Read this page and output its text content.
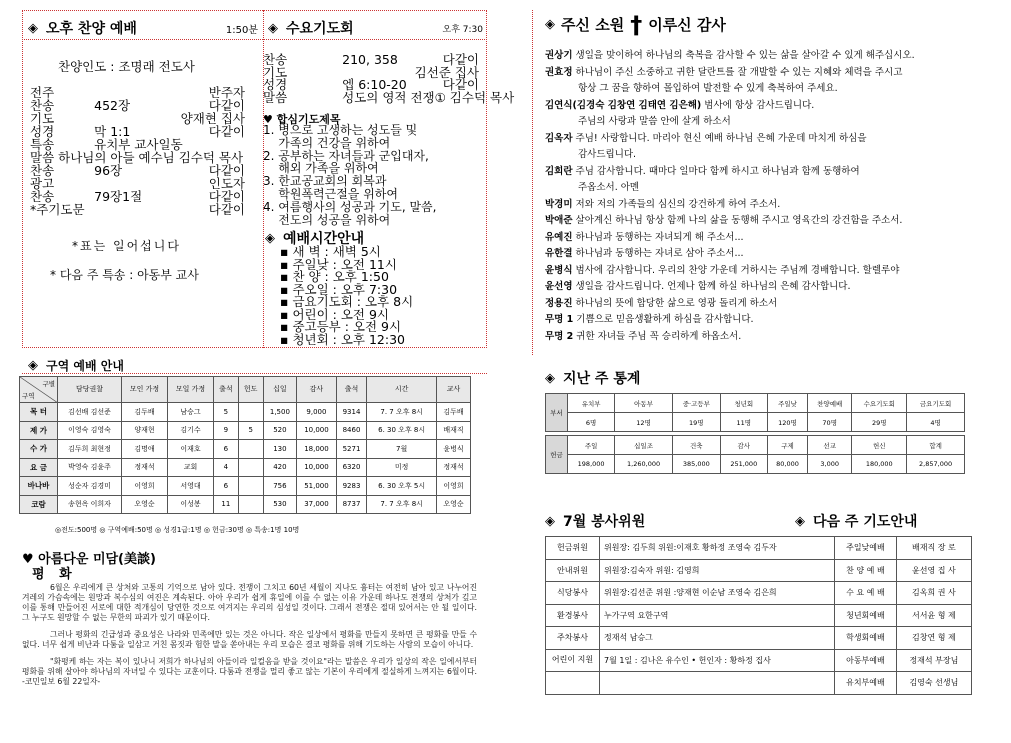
◈ 오후 찬양 예배	1:50분
찬양인도 : 조명래 전도사
전주	반주자
찬송	452장	다같이
기도	양재현 집사
성경	막 1:1	다같이
특송	유치부 교사일동
말씀 하나님의 아들 예수님 김수덕 목사
찬송	96장	다같이
광고	인도자
찬송	79장1절	다같이
*주기도문	다같이
*표는 일어섭니다
* 다음 주 특송 : 아동부 교사
◈ 수요기도회	오후 7:30
찬송	210, 358	다같이
기도	김선준 집사
성경	엡 6:10-20	다같이
말씀	성도의 영적 전쟁① 김수덕 목사
♥ 합심기도제목
1. 병으로 고생하는 성도들 및
가족의 건강을 위하여
2. 공부하는 자녀들과 군입대자,
해외 가족을 위하여
3. 한교공교회의 회복과
학원폭력근절을 위하여
4. 여름행사의 성공과 기도, 말씀,
전도의 성공을 위하여
◈ 예배시간안내
▪ 새 벽 : 새벽 5시
▪ 주일낮 : 오전 11시
▪ 찬 양 : 오후 1:50
▪ 주오일 : 오후 7:30
▪ 금요기도회 : 오후 8시
▪ 어린이 : 오전 9시
▪ 중고등부 : 오전 9시
▪ 청년회 : 오후 12:30
◈ 구역 예배 안내
구별
구역	담당권찰	모인 가정	모일 가정	출석	헌도	십일	감사	출석	시간	교사
목 터	김선배 김선준	김두배	남승그	5		1,500	9,000	9314	7. 7 오후 8시	김두배
제 가	이영숙 김영숙	양재현	김기수	9	5	520	10,000	8460	6. 30 오후 8시	배재직
수 가	김두희 최현정	김명애	이재호	6		130	18,000	5271	7월	윤병식
요 금	박영숙 김윤주	정재석	교회	4		420	10,000	6320	미정	정재석
바나바	성순자 김경미	이영희	서영대	6		756	51,000	9283	6. 30 오후 5시	이영희
코람	송현옥 이희자	오영순	이성봉	11		530	37,000	8737	7. 7 오후 8시	오영순
◎전도:500명 ◎ 구역예배:50명 ◎ 성경1급:1명 ◎ 헌금:30명 ◎ 특송:1명 10명
♥ 아름다운 미담(美談)
평 화

6월은 우리에게 큰 상처와 고통의 기억으로 남아 있다. 전쟁이 그치고 60년 세월이 지나도 흉터는 여전히 남아 있고 나누어진 겨레의 가슴속에는 원망과 복수심의 여진은 계속된다. 아아 우리가 쉽게 휴일에 이를 수 없는 이유 가운데 하나도 전쟁의 상처가 깊고 이를 통해 만들어진 서로에 대한 적개심이 당연한 것으로 여겨지는 우리의 심성일 것이다. 그래서 전쟁은 절대 있어서는 안 될 일이다. 그 누구도 원망할 수 없는 무한의 파괴가 있기 때문이다.

그러나 평화의 긴급성과 중요성은 나라와 민족에만 있는 것은 아니다. 작은 일상에서 평화를 만들지 못하면 큰 평화를 만들 수 없다. 너무 쉽게 비난과 다툼을 일삼고 거친 몸짓과 험한 말을 쏟아내는 우리 모습은 결코 평화를 위해 기도하는 사람의 모습이 아니다.

"화평케 하는 자는 복이 있나니 저희가 하나님의 아들이라 일컬음을 받을 것이요"라는 말씀은 우리가 일상의 작은 일에서부터 평화를 위해 살아야 하나님의 자녀일 수 있다는 교훈이다. 다툼과 전쟁을 멀리 좋고 않는 기본이 우리에게 절실하게 느껴지는 6월이다. -코민일보 6월 22일자-

◈ 주신 소원 † 이루신 감사
권상기 생일을 맞이하여 하나님의 축복을 감사할 수 있는 삶을 살아갈 수 있게 해주십시오.
권효정 하나님이 주신 소중하고 귀한 달란트를 잘 개발할 수 있는 지혜와 체력을 주시고
항상 그 꿈을 향하여 몰입하여 발전할 수 있게 축복하여 주세요.
김연식(김경숙 김창연 김태연 김은해) 범사에 항상 감사드립니다.
주님의 사랑과 말씀 안에 살게 하소서
김옥자 주님! 사랑합니다. 마리아 현신 예배 하나님 은혜 가운데 마치게 하심을
감사드립니다.
김희란 주님 감사합니다. 때마다 일마다 함께 하시고 하나님과 함께 동행하여
주옵소서. 아멘
박경미 저와 저의 가족들의 심신의 강건하게 하여 주소서.
박애준 살아계신 하나님 항상 함께 나의 삶을 동행해 주시고 영육간의 강건함을 주소서.
유예진 하나님과 동행하는 자녀되게 해 주소서...
유한결 하나님과 동행하는 자녀로 삼아 주소서...
윤병식 범사에 감사합니다. 우리의 찬양 가운데 거하시는 주님께 경배합니다. 할렐루야
윤선영 생일을 감사드립니다. 언제나 함께 하실 하나님의 은혜 감사합니다.
정용진 하나님의 뜻에 합당한 삶으로 영광 돌리게 하소서
무명 1 기쁨으로 믿음생활하게 하심을 감사합니다.
무명 2 귀한 자녀들 주님 꼭 승리하게 하옵소서.
◈ 지난 주 통계
부서	유치부	아동부	중·고등부	청년회	주일낮	찬양예배	수요기도회	금요기도회
	6명	12명	19명	11명	120명	70명	29명	4명

헌금	주일	십일조	건축	감사	구제	선교	헌신	합계
	198,000	1,260,000	385,000	251,000	80,000	3,000	180,000	2,857,000
◈ 7월 봉사위원	◈ 다음 주 기도안내
헌금위원	위원장: 김두희 위원:이재호 황하정 조영숙 김두자	주일낮예배	배재직 장 로
안내위원	위원장:김숙자 위원: 김영희	찬 양 예 배	윤선영 집 사
식당봉사	위원장:김선준 위원 :양재현 이순남 조영숙 김은희	수 요 예 배	김옥희 권 사
환경봉사	누가구역 요한구역	청년회예배	서서윤 형 제
주차봉사	정재석 남승그	학생회예배	김창연 형 제
어린이 지원	7월 1일 : 김나은 유수인 • 헌인자 : 황하정 집사	아동부예배	정재석 부장님
		유치부예배	김영숙 선생님
